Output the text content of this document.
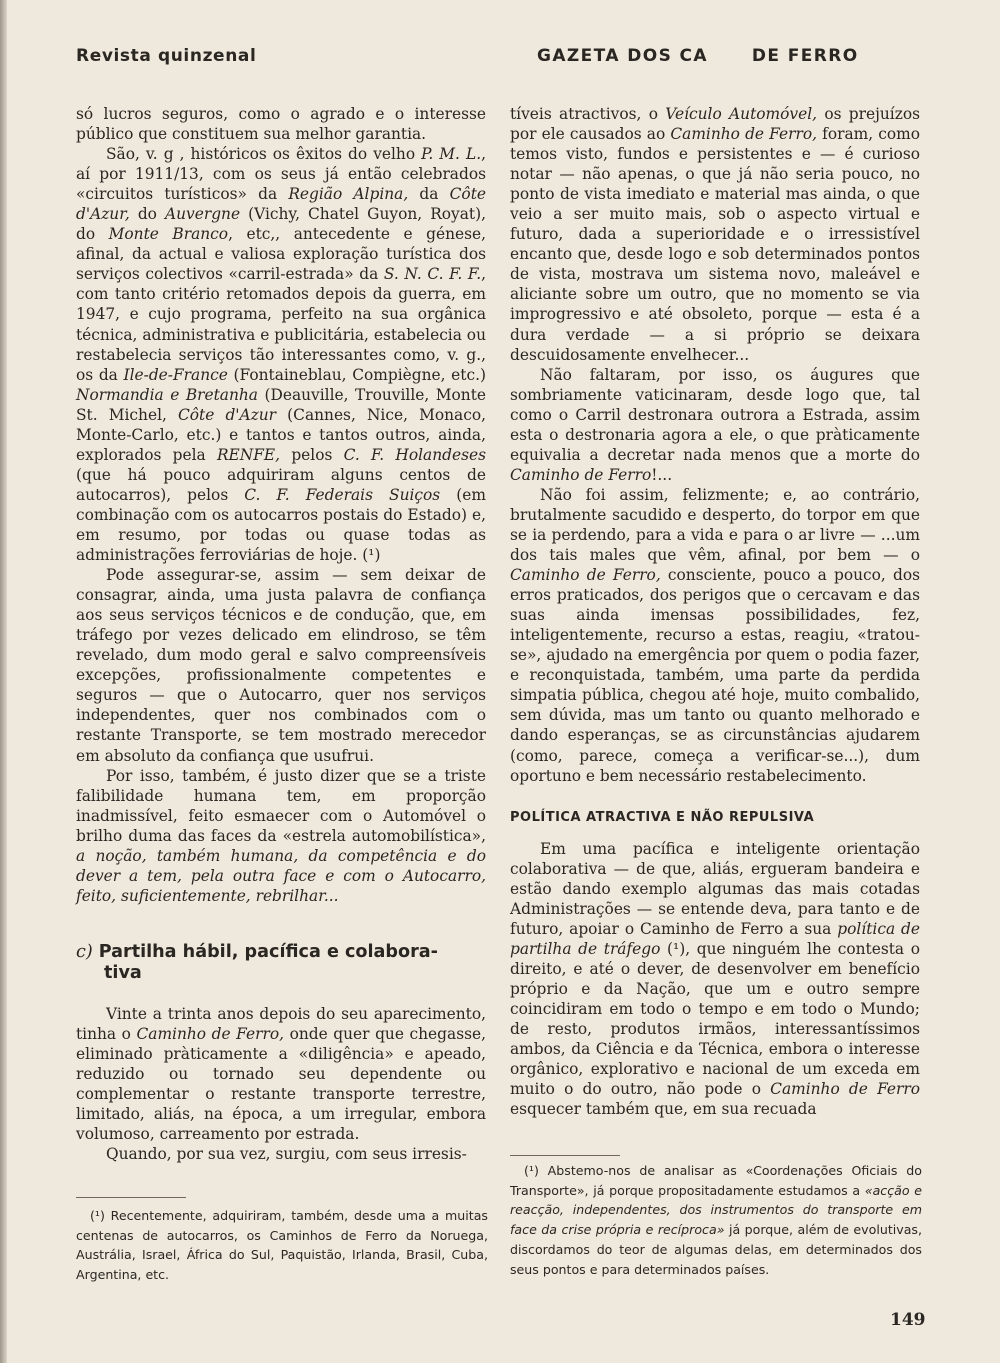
Revista quinzenal	GAZETA DOS CA      DE FERRO

só lucros seguros, como o agrado e o interesse público que constituem sua melhor garantia.

São, v. g , históricos os êxitos do velho P. M. L., aí por 1911/13, com os seus já então celebrados «circuitos turísticos» da Região Alpina, da Côte d'Azur, do Auvergne (Vichy, Chatel Guyon, Royat), do Monte Branco, etc,, antecedente e génese, afinal, da actual e valiosa exploração turística dos serviços colectivos «carril-estrada» da S. N. C. F. F., com tanto critério retomados depois da guerra, em 1947, e cujo programa, perfeito na sua orgânica técnica, administrativa e publicitária, estabelecia ou restabelecia serviços tão interessantes como, v. g., os da Ile-de-France (Fontaineblau, Compiègne, etc.) Normandia e Bretanha (Deauville, Trouville, Monte St. Michel, Côte d'Azur (Cannes, Nice, Monaco, Monte-Carlo, etc.) e tantos e tantos outros, ainda, explorados pela RENFE, pelos C. F. Holandeses (que há pouco adquiriram alguns centos de autocarros), pelos C. F. Federais Suiços (em combinação com os autocarros postais do Estado) e, em resumo, por todas ou quase todas as administrações ferroviárias de hoje. (¹)

Pode assegurar-se, assim — sem deixar de consagrar, ainda, uma justa palavra de confiança aos seus serviços técnicos e de condução, que, em tráfego por vezes delicado em elindroso, se têm revelado, dum modo geral e salvo compreensíveis excepções, profissionalmente competentes e seguros — que o Autocarro, quer nos serviços independentes, quer nos combinados com o restante Transporte, se tem mostrado merecedor em absoluto da confiança que usufrui.

Por isso, também, é justo dizer que se a triste falibilidade humana tem, em proporção inadmissível, feito esmaecer com o Automóvel o brilho duma das faces da «estrela automobilística», a noção, também humana, da competência e do dever a tem, pela outra face e com o Autocarro, feito, suficientemente, rebrilhar...

c) Partilha hábil, pacífica e colabora-
tiva

Vinte a trinta anos depois do seu aparecimento, tinha o Caminho de Ferro, onde quer que chegasse, eliminado pràticamente a «diligência» e apeado, reduzido ou tornado seu dependente ou complementar o restante transporte terrestre, limitado, aliás, na época, a um irregular, embora volumoso, carreamento por estrada.

Quando, por sua vez, surgiu, com seus irresis-

tíveis atractivos, o Veículo Automóvel, os prejuízos por ele causados ao Caminho de Ferro, foram, como temos visto, fundos e persistentes e — é curioso notar — não apenas, o que já não seria pouco, no ponto de vista imediato e material mas ainda, o que veio a ser muito mais, sob o aspecto virtual e futuro, dada a superioridade e o irressistível encanto que, desde logo e sob determinados pontos de vista, mostrava um sistema novo, maleável e aliciante sobre um outro, que no momento se via improgressivo e até obsoleto, porque — esta é a dura verdade — a si próprio se deixara descuidosamente envelhecer...

Não faltaram, por isso, os áugures que sombriamente vaticinaram, desde logo que, tal como o Carril destronara outrora a Estrada, assim esta o destronaria agora a ele, o que pràticamente equivalia a decretar nada menos que a morte do Caminho de Ferro!...

Não foi assim, felizmente; e, ao contrário, brutalmente sacudido e desperto, do torpor em que se ia perdendo, para a vida e para o ar livre — ...um dos tais males que vêm, afinal, por bem — o Caminho de Ferro, consciente, pouco a pouco, dos erros praticados, dos perigos que o cercavam e das suas ainda imensas possibilidades, fez, inteligentemente, recurso a estas, reagiu, «tratou-se», ajudado na emergência por quem o podia fazer, e reconquistada, também, uma parte da perdida simpatia pública, chegou até hoje, muito combalido, sem dúvida, mas um tanto ou quanto melhorado e dando esperanças, se as circunstâncias ajudarem (como, parece, começa a verificar-se...), dum oportuno e bem necessário restabelecimento.

POLÍTICA ATRACTIVA E NÃO REPULSIVA

Em uma pacífica e inteligente orientação colaborativa — de que, aliás, ergueram bandeira e estão dando exemplo algumas das mais cotadas Administrações — se entende deva, para tanto e de futuro, apoiar o Caminho de Ferro a sua política de partilha de tráfego (¹), que ninguém lhe contesta o direito, e até o dever, de desenvolver em benefício próprio e da Nação, que um e outro sempre coincidiram em todo o tempo e em todo o Mundo; de resto, produtos irmãos, interessantíssimos ambos, da Ciência e da Técnica, embora o interesse orgânico, explorativo e nacional de um exceda em muito o do outro, não pode o Caminho de Ferro esquecer também que, em sua recuada

(¹) Recentemente, adquiriram, também, desde uma a muitas centenas de autocarros, os Caminhos de Ferro da Noruega, Austrália, Israel, África do Sul, Paquistão, Irlanda, Brasil, Cuba, Argentina, etc.

(¹) Abstemo-nos de analisar as «Coordenações Oficiais do Transporte», já porque propositadamente estudamos a «acção e reacção, independentes, dos instrumentos do transporte em face da crise própria e recíproca» já porque, além de evolutivas, discordamos do teor de algumas delas, em determinados dos seus pontos e para determinados países.

149
